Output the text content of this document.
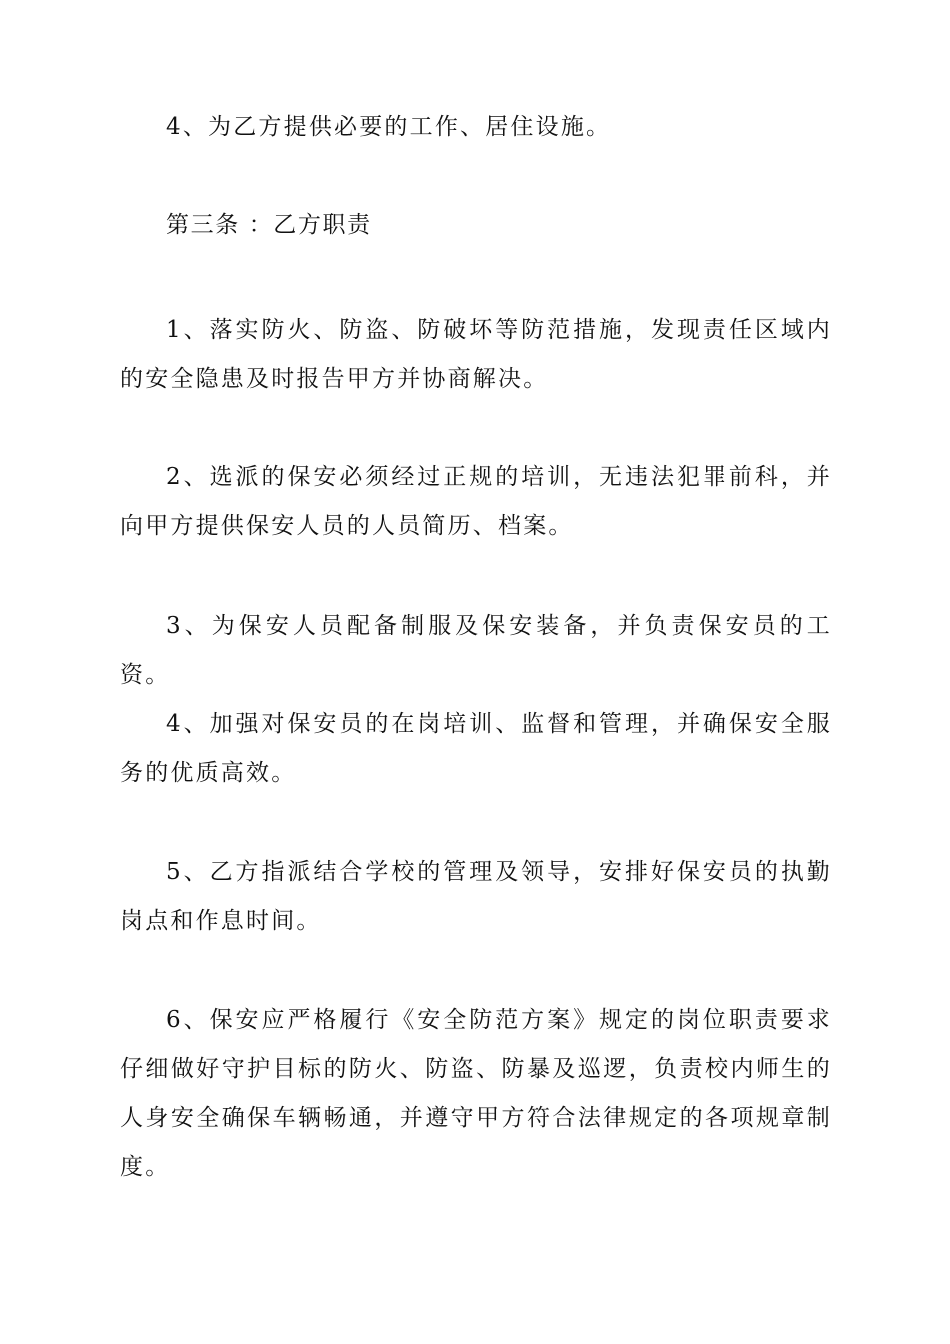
4、为乙方提供必要的工作、居住设施。

第三条 ：乙方职责

1、落实防火、防盗、防破坏等防范措施，发现责任区域内的安全隐患及时报告甲方并协商解决。

2、选派的保安必须经过正规的培训，无违法犯罪前科，并向甲方提供保安人员的人员简历、档案。

3、为保安人员配备制服及保安装备，并负责保安员的工资。

4、加强对保安员的在岗培训、监督和管理，并确保安全服务的优质高效。

5、乙方指派结合学校的管理及领导，安排好保安员的执勤岗点和作息时间。

6、保安应严格履行《安全防范方案》规定的岗位职责要求仔细做好守护目标的防火、防盗、防暴及巡逻，负责校内师生的人身安全确保车辆畅通，并遵守甲方符合法律规定的各项规章制度。
